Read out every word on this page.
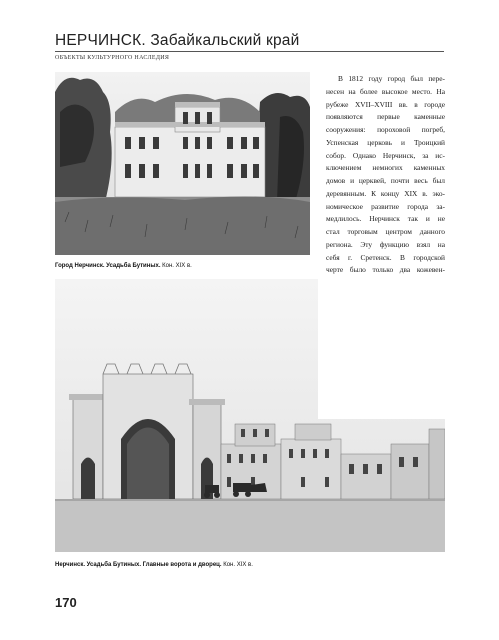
НЕРЧИНСК. Забайкальский край
ОБЪЕКТЫ КУЛЬТУРНОГО НАСЛЕДИЯ
Город Нерчинск. Усадьба Бутиных. Кон. XIX в.
В 1812 году город был пере-
несен на более высокое место. На
рубеже XVII–XVIII вв. в городе
появляются первые каменные
сооружения: пороховой погреб,
Успенская церковь и Троицкий
собор. Однако Нерчинск, за ис-
ключением немногих каменных
домов и церквей, почти весь был
деревянным. К концу XIX в. эко-
номическое развитие города за-
медлилось. Нерчинск так и не
стал торговым центром данного
региона. Эту функцию взял на
себя г. Сретенск. В городской
черте было только два кожевен-
Нерчинск. Усадьба Бутиных. Главные ворота и дворец. Кон. XIX в.
170
